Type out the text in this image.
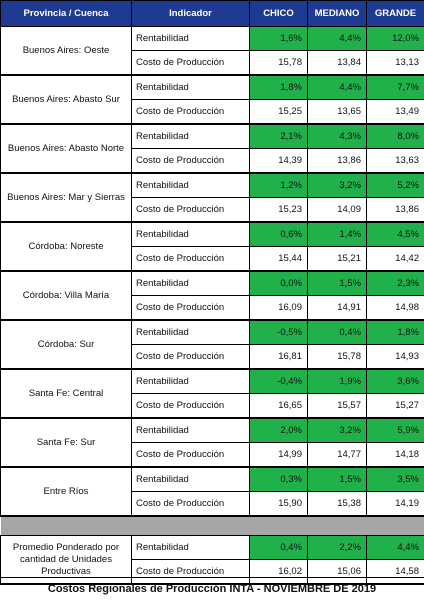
Provincia / Cuenca	Indicador	CHICO	MEDIANO	GRANDE
Buenos Aires: Oeste	Rentabilidad	1,6%	4,4%	12,0%
	Costo de Producción	15,78	13,84	13,13
Buenos Aires: Abasto Sur	Rentabilidad	1,8%	4,4%	7,7%
	Costo de Producción	15,25	13,65	13,49
Buenos Aires: Abasto Norte	Rentabilidad	2,1%	4,3%	8,0%
	Costo de Producción	14,39	13,86	13,63
Buenos Aires: Mar y Sierras	Rentabilidad	1,2%	3,2%	5,2%
	Costo de Producción	15,23	14,09	13,86
Córdoba: Noreste	Rentabilidad	0,6%	1,4%	4,5%
	Costo de Producción	15,44	15,21	14,42
Córdoba: Villa María	Rentabilidad	0,0%	1,5%	2,3%
	Costo de Producción	16,09	14,91	14,98
Córdoba: Sur	Rentabilidad	-0,5%	0,4%	1,8%
	Costo de Producción	16,81	15,78	14,93
Santa Fe: Central	Rentabilidad	-0,4%	1,9%	3,6%
	Costo de Producción	16,65	15,57	15,27
Santa Fe: Sur	Rentabilidad	2,0%	3,2%	5,9%
	Costo de Producción	14,99	14,77	14,18
Entre Ríos	Rentabilidad	0,3%	1,5%	3,5%
	Costo de Producción	15,90	15,38	14,19

Promedio Ponderado por cantidad de Unidades Productivas	Rentabilidad	0,4%	2,2%	4,4%
	Costo de Producción	16,02	15,06	14,58
Costos Regionales de Producción INTA - NOVIEMBRE DE 2019
